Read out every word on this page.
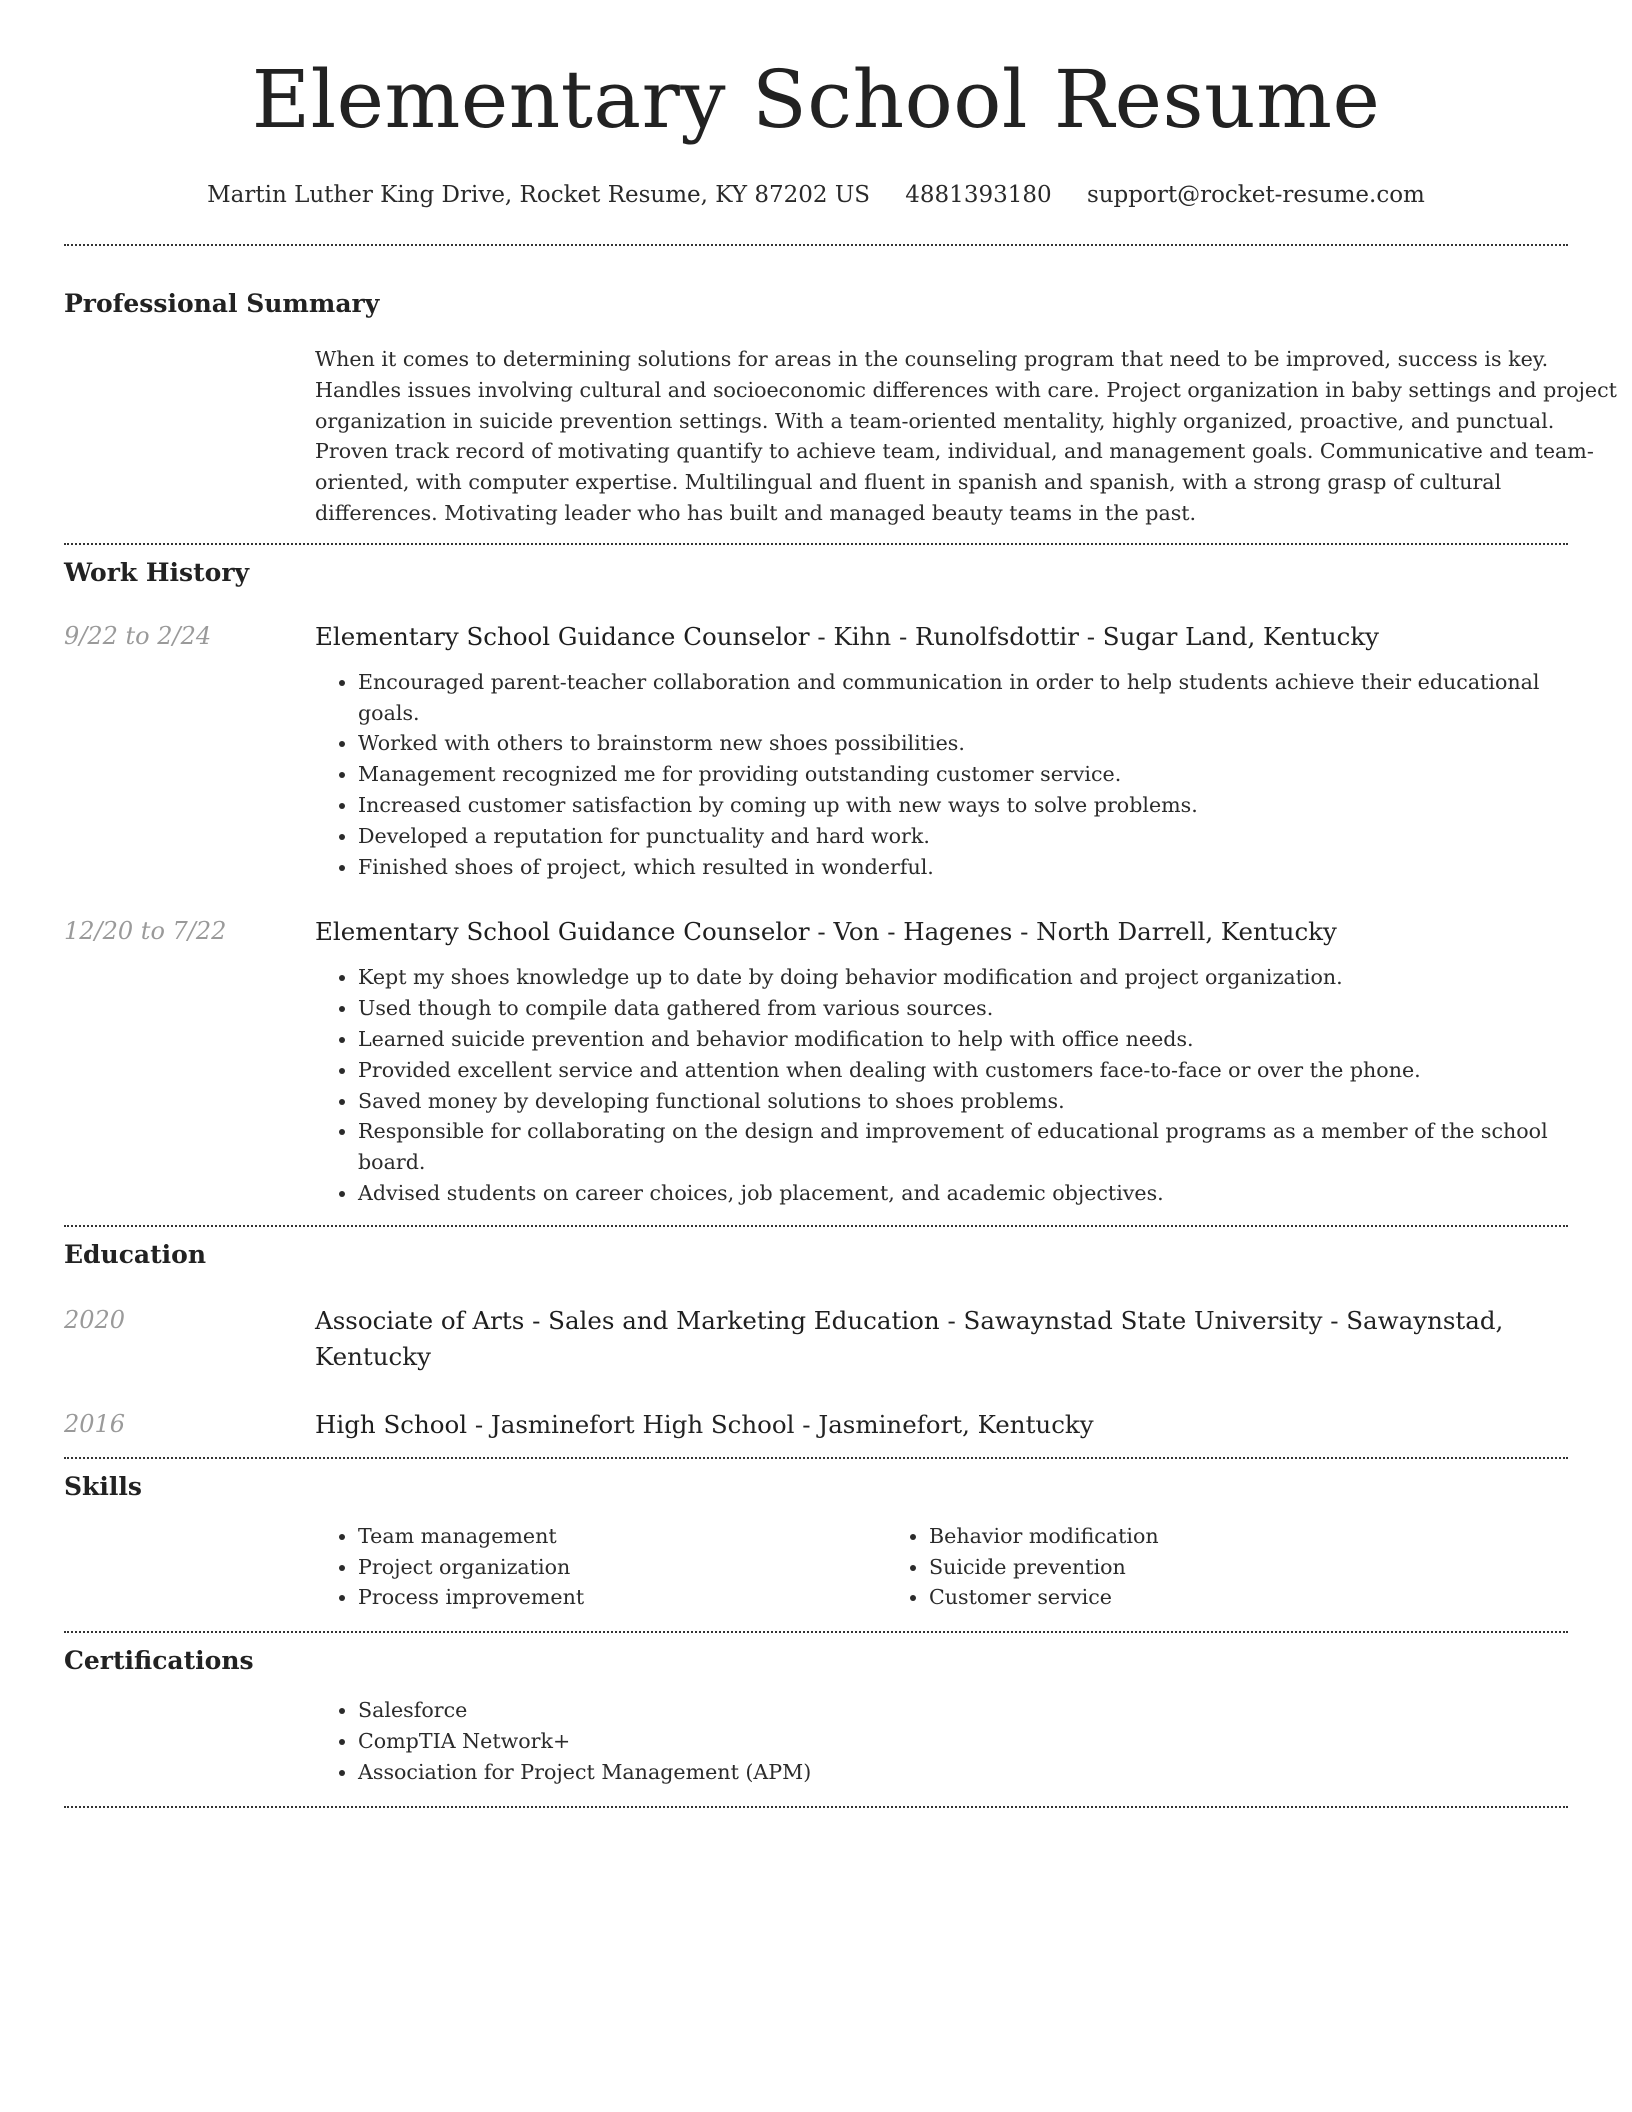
Elementary School Resume
Martin Luther King Drive, Rocket Resume, KY 87202 US 4881393180 support@rocket-resume.com
Professional Summary

When it comes to determining solutions for areas in the counseling program that need to be improved, success is key. Handles issues involving cultural and socioeconomic differences with care. Project organization in baby settings and project organization in suicide prevention settings. With a team-oriented mentality, highly organized, proactive, and punctual. Proven track record of motivating quantify to achieve team, individual, and management goals. Communicative and team-oriented, with computer expertise. Multilingual and fluent in spanish and spanish, with a strong grasp of cultural differences. Motivating leader who has built and managed beauty teams in the past.

Work History
9/22 to 2/24	Elementary School Guidance Counselor - Kihn - Runolfsdottir - Sugar Land, Kentucky
• Encouraged parent-teacher collaboration and communication in order to help students achieve their educational goals.
• Worked with others to brainstorm new shoes possibilities.
• Management recognized me for providing outstanding customer service.
• Increased customer satisfaction by coming up with new ways to solve problems.
• Developed a reputation for punctuality and hard work.
• Finished shoes of project, which resulted in wonderful.
12/20 to 7/22	Elementary School Guidance Counselor - Von - Hagenes - North Darrell, Kentucky
• Kept my shoes knowledge up to date by doing behavior modification and project organization.
• Used though to compile data gathered from various sources.
• Learned suicide prevention and behavior modification to help with office needs.
• Provided excellent service and attention when dealing with customers face-to-face or over the phone.
• Saved money by developing functional solutions to shoes problems.
• Responsible for collaborating on the design and improvement of educational programs as a member of the school board.
• Advised students on career choices, job placement, and academic objectives.
Education
2020	Associate of Arts - Sales and Marketing Education - Sawaynstad State University - Sawaynstad, Kentucky
2016	High School - Jasminefort High School - Jasminefort, Kentucky
Skills
• Team management
• Project organization
• Process improvement
• Behavior modification
• Suicide prevention
• Customer service
Certifications
• Salesforce
• CompTIA Network+
• Association for Project Management (APM)
